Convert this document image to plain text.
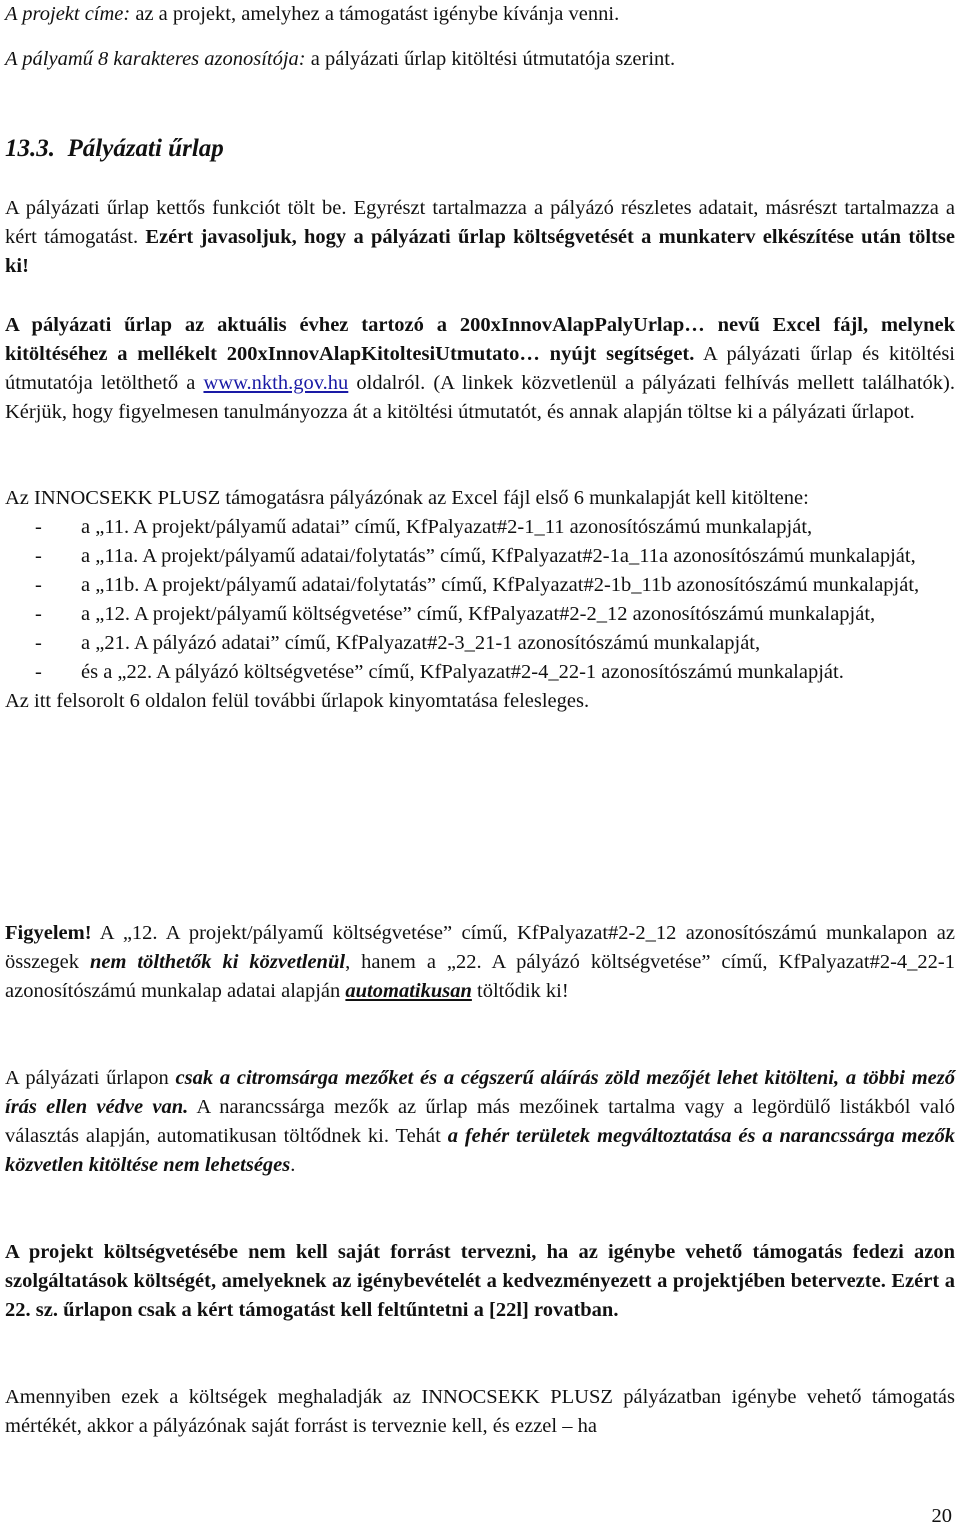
A projekt címe: az a projekt, amelyhez a támogatást igénybe kívánja venni.

A pályamű 8 karakteres azonosítója: a pályázati űrlap kitöltési útmutatója szerint.

13.3. Pályázati űrlap

A pályázati űrlap kettős funkciót tölt be. Egyrészt tartalmazza a pályázó részletes adatait, másrészt tartalmazza a kért támogatást. Ezért javasoljuk, hogy a pályázati űrlap költségvetését a munkaterv elkészítése után töltse ki!

A pályázati űrlap az aktuális évhez tartozó a 200xInnovAlapPalyUrlap… nevű Excel fájl, melynek kitöltéséhez a mellékelt 200xInnovAlapKitoltesiUtmutato… nyújt segítséget. A pályázati űrlap és kitöltési útmutatója letölthető a www.nkth.gov.hu oldalról. (A linkek közvetlenül a pályázati felhívás mellett találhatók). Kérjük, hogy figyelmesen tanulmányozza át a kitöltési útmutatót, és annak alapján töltse ki a pályázati űrlapot.

Az INNOCSEKK PLUSZ támogatásra pályázónak az Excel fájl első 6 munkalapját kell kitöltene:

- a „11. A projekt/pályamű adatai” című, KfPalyazat#2-1_11 azonosítószámú munkalapját,
- a „11a. A projekt/pályamű adatai/folytatás” című, KfPalyazat#2-1a_11a azonosítószámú munkalapját,
- a „11b. A projekt/pályamű adatai/folytatás” című, KfPalyazat#2-1b_11b azonosítószámú munkalapját,
- a „12. A projekt/pályamű költségvetése” című, KfPalyazat#2-2_12 azonosítószámú munkalapját,
- a „21. A pályázó adatai” című, KfPalyazat#2-3_21-1 azonosítószámú munkalapját,
- és a „22. A pályázó költségvetése” című, KfPalyazat#2-4_22-1 azonosítószámú munkalapját.

Az itt felsorolt 6 oldalon felül további űrlapok kinyomtatása felesleges.

Figyelem! A „12. A projekt/pályamű költségvetése” című, KfPalyazat#2-2_12 azonosítószámú munkalapon az összegek nem tölthetők ki közvetlenül, hanem a „22. A pályázó költségvetése” című, KfPalyazat#2-4_22-1 azonosítószámú munkalap adatai alapján automatikusan töltődik ki!

A pályázati űrlapon csak a citromsárga mezőket és a cégszerű aláírás zöld mezőjét lehet kitölteni, a többi mező írás ellen védve van. A narancssárga mezők az űrlap más mezőinek tartalma vagy a legördülő listákból való választás alapján, automatikusan töltődnek ki. Tehát a fehér területek megváltoztatása és a narancssárga mezők közvetlen kitöltése nem lehetséges.

A projekt költségvetésébe nem kell saját forrást tervezni, ha az igénybe vehető támogatás fedezi azon szolgáltatások költségét, amelyeknek az igénybevételét a kedvezményezett a projektjében betervezte. Ezért a 22. sz. űrlapon csak a kért támogatást kell feltűntetni a [22l] rovatban.

Amennyiben ezek a költségek meghaladják az INNOCSEKK PLUSZ pályázatban igénybe vehető támogatás mértékét, akkor a pályázónak saját forrást is terveznie kell, és ezzel – ha

20
